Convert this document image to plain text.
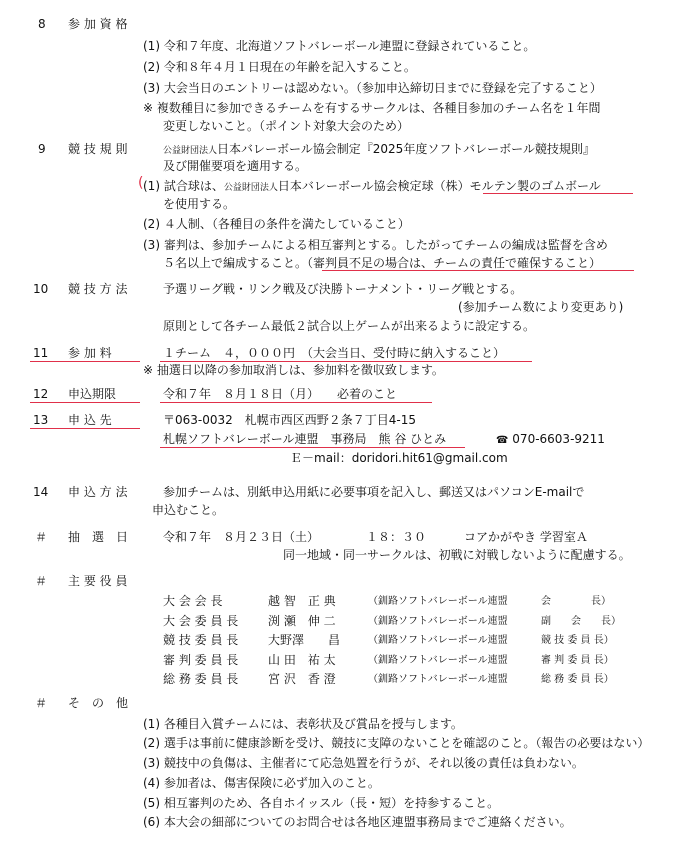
8 参 加 資 格
(1) 令和７年度、北海道ソフトバレーボール連盟に登録されていること。
(2) 令和８年４月１日現在の年齢を記入すること。
(3) 大会当日のエントリーは認めない。（参加申込締切日までに登録を完了すること）
※ 複数種目に参加できるチームを有するサークルは、各種目参加のチーム名を１年間
変更しないこと。（ポイント対象大会のため）
9 競 技 規 則	公益財団法人日本バレーボール協会制定『2025年度ソフトバレーボール競技規則』
及び開催要項を適用する。
( (1) 試合球は、公益財団法人日本バレーボール協会検定球（株）モルテン製のゴムボール
を使用する。
(2) ４人制、（各種目の条件を満たしていること）
(3) 審判は、参加チームによる相互審判とする。したがってチームの編成は監督を含め
５名以上で編成すること。（審判員不足の場合は、チームの責任で確保すること）
10 競 技 方 法	予選リーグ戦・リンク戦及び決勝トーナメント・リーグ戦とする。
(参加チーム数により変更あり)
原則として各チーム最低２試合以上ゲームが出来るように設定する。
11 参 加 料	１チーム　４，０００円　（大会当日、受付時に納入すること）
※ 抽選日以降の参加取消しは、参加料を徴収致します。
12 申込期限	令和７年　８月１８日（月）　　必着のこと
13 申 込 先	〒063-0032　札幌市西区西野２条７丁目4-15
札幌ソフトバレーボール連盟　事務局　熊 谷 ひとみ	☎ 070-6603-9211
Ｅ－mail：doridori.hit61@gmail.com
14 申 込 方 法	参加チームは、別紙申込用紙に必要事項を記入し、郵送又はパソコンE-mailで
申込むこと。
＃ 抽　選　日	令和７年　８月２３日（土）	１８：３０	コアかがやき 学習室Ａ
同一地域・同一サークルは、初戦に対戦しないように配慮する。
＃ 主 要 役 員
大 会 会 長	越 智　正 典	（釧路ソフトバレーボール連盟	会　　　　長）
大 会 委 員 長 渕 瀬　伸 二	（釧路ソフトバレーボール連盟	副　　会　　長）
競 技 委 員 長 大野澤　　昌	（釧路ソフトバレーボール連盟	競 技 委 員 長）
審 判 委 員 長 山 田　祐 太	（釧路ソフトバレーボール連盟	審 判 委 員 長）
総 務 委 員 長 宮 沢　香 澄	（釧路ソフトバレーボール連盟	総 務 委 員 長）
＃ そ　の　他
(1) 各種目入賞チームには、表彰状及び賞品を授与します。
(2) 選手は事前に健康診断を受け、競技に支障のないことを確認のこと。（報告の必要はない）
(3) 競技中の負傷は、主催者にて応急処置を行うが、それ以後の責任は負わない。
(4) 参加者は、傷害保険に必ず加入のこと。
(5) 相互審判のため、各自ホイッスル（長・短）を持参すること。
(6) 本大会の細部についてのお問合せは各地区連盟事務局までご連絡ください。
